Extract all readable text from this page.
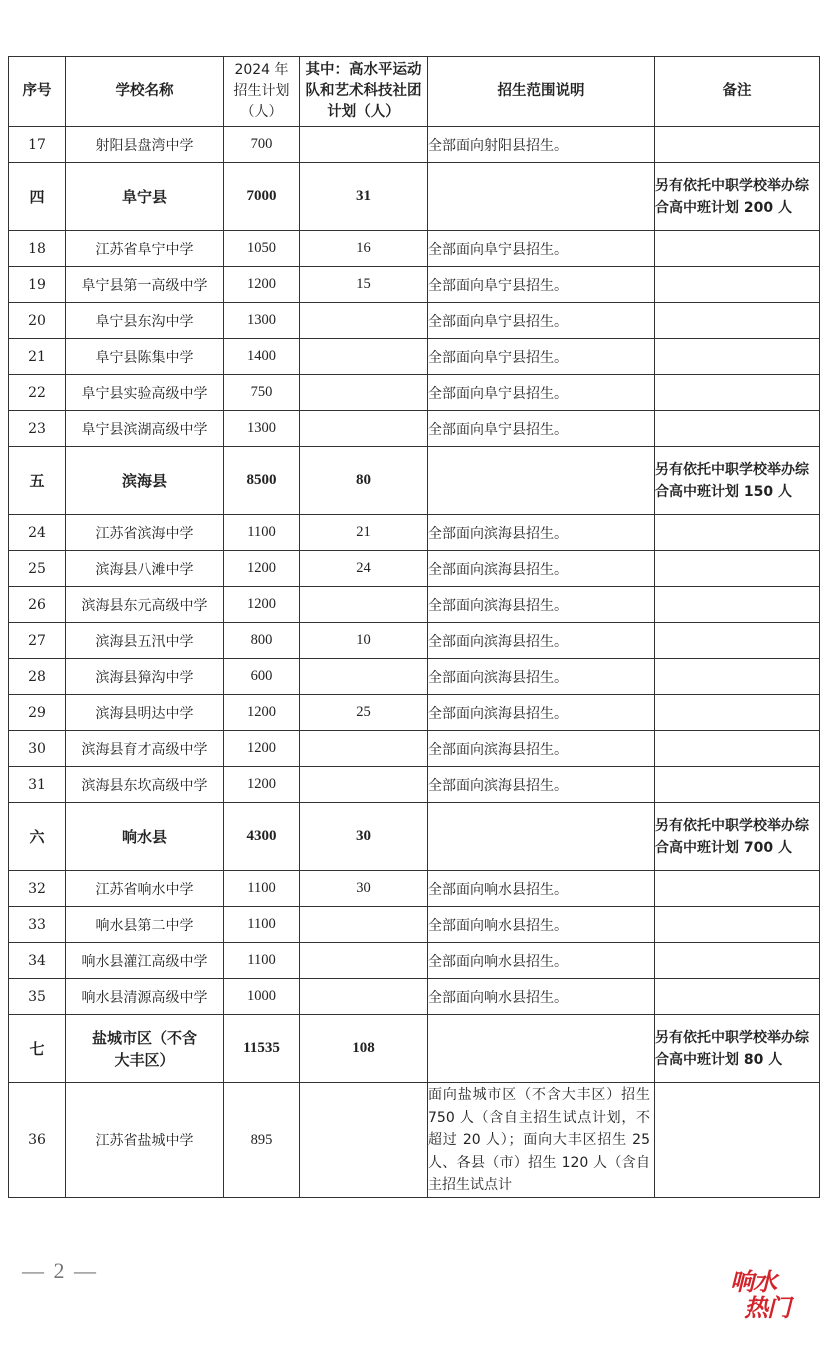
序号	学校名称	2024 年招生计划（人）	其中：高水平运动队和艺术科技社团计划（人）	招生范围说明	备注
17	射阳县盘湾中学	700		全部面向射阳县招生。	
四	阜宁县	7000	31		另有依托中职学校举办综合高中班计划 200 人
18	江苏省阜宁中学	1050	16	全部面向阜宁县招生。	
19	阜宁县第一高级中学	1200	15	全部面向阜宁县招生。	
20	阜宁县东沟中学	1300		全部面向阜宁县招生。	
21	阜宁县陈集中学	1400		全部面向阜宁县招生。	
22	阜宁县实验高级中学	750		全部面向阜宁县招生。	
23	阜宁县滨湖高级中学	1300		全部面向阜宁县招生。	
五	滨海县	8500	80		另有依托中职学校举办综合高中班计划 150 人
24	江苏省滨海中学	1100	21	全部面向滨海县招生。	
25	滨海县八滩中学	1200	24	全部面向滨海县招生。	
26	滨海县东元高级中学	1200		全部面向滨海县招生。	
27	滨海县五汛中学	800	10	全部面向滨海县招生。	
28	滨海县獐沟中学	600		全部面向滨海县招生。	
29	滨海县明达中学	1200	25	全部面向滨海县招生。	
30	滨海县育才高级中学	1200		全部面向滨海县招生。	
31	滨海县东坎高级中学	1200		全部面向滨海县招生。	
六	响水县	4300	30		另有依托中职学校举办综合高中班计划 700 人
32	江苏省响水中学	1100	30	全部面向响水县招生。	
33	响水县第二中学	1100		全部面向响水县招生。	
34	响水县灌江高级中学	1100		全部面向响水县招生。	
35	响水县清源高级中学	1000		全部面向响水县招生。	
七	盐城市区（不含大丰区）	11535	108		另有依托中职学校举办综合高中班计划 80 人
36	江苏省盐城中学	895		面向盐城市区（不含大丰区）招生 750 人（含自主招生试点计划，不超过 20 人）；面向大丰区招生 25 人、各县（市）招生 120 人（含自主招生试点计	

— 2 —	响水
热门
